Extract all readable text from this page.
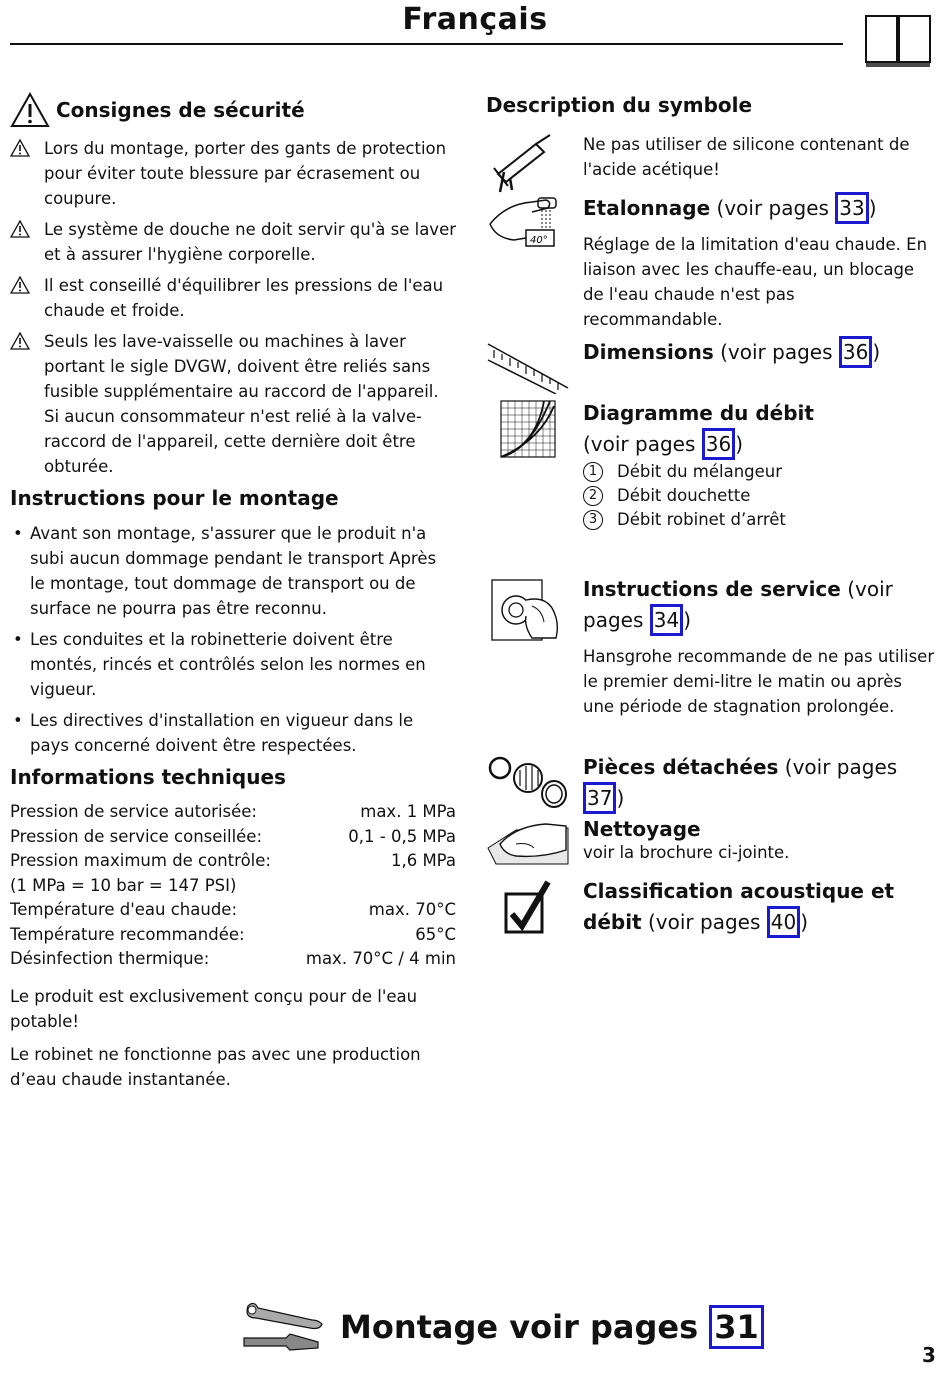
Français
Consignes de sécurité
Lors du montage, porter des gants de protection pour éviter toute blessure par écrasement ou coupure.
Le système de douche ne doit servir qu'à se laver et à assurer l'hygiène corporelle.
Il est conseillé d'équilibrer les pressions de l'eau chaude et froide.
Seuls les lave-vaisselle ou machines à laver portant le sigle DVGW, doivent être reliés sans fusible supplémentaire au raccord de l'appareil. Si aucun consommateur n'est relié à la valve-raccord de l'appareil, cette dernière doit être obturée.
Instructions pour le montage
• Avant son montage, s'assurer que le produit n'a subi aucun dommage pendant le transport Après le montage, tout dommage de transport ou de surface ne pourra pas être reconnu.
• Les conduites et la robinetterie doivent être montés, rincés et contrôlés selon les normes en vigueur.
• Les directives d'installation en vigueur dans le pays concerné doivent être respectées.
Informations techniques
Pression de service autorisée:	max. 1 MPa
Pression de service conseillée:	0,1 - 0,5 MPa
Pression maximum de contrôle:	1,6 MPa
(1 MPa = 10 bar = 147 PSI)
Température d'eau chaude:	max. 70°C
Température recommandée:	65°C
Désinfection thermique:	max. 70°C / 4 min
Le produit est exclusivement conçu pour de l'eau potable!
Le robinet ne fonctionne pas avec une production d’eau chaude instantanée.
Description du symbole
Ne pas utiliser de silicone contenant de l'acide acétique!
40°
Etalonnage (voir pages 33 )
Réglage de la limitation d'eau chaude. En liaison avec les chauffe-eau, un blocage de l'eau chaude n'est pas recommandable.
Dimensions (voir pages 36 )
Diagramme du débit
(voir pages 36 )
1	Débit du mélangeur
2	Débit douchette
3	Débit robinet d’arrêt
Instructions de service (voir
pages 34 )
Hansgrohe recommande de ne pas utiliser le premier demi-litre le matin ou après une période de stagnation prolongée.
Pièces détachées (voir pages 37 )
Nettoyage
voir la brochure ci-jointe.
Classification acoustique et
débit (voir pages 40 )
Montage voir pages 31
3
